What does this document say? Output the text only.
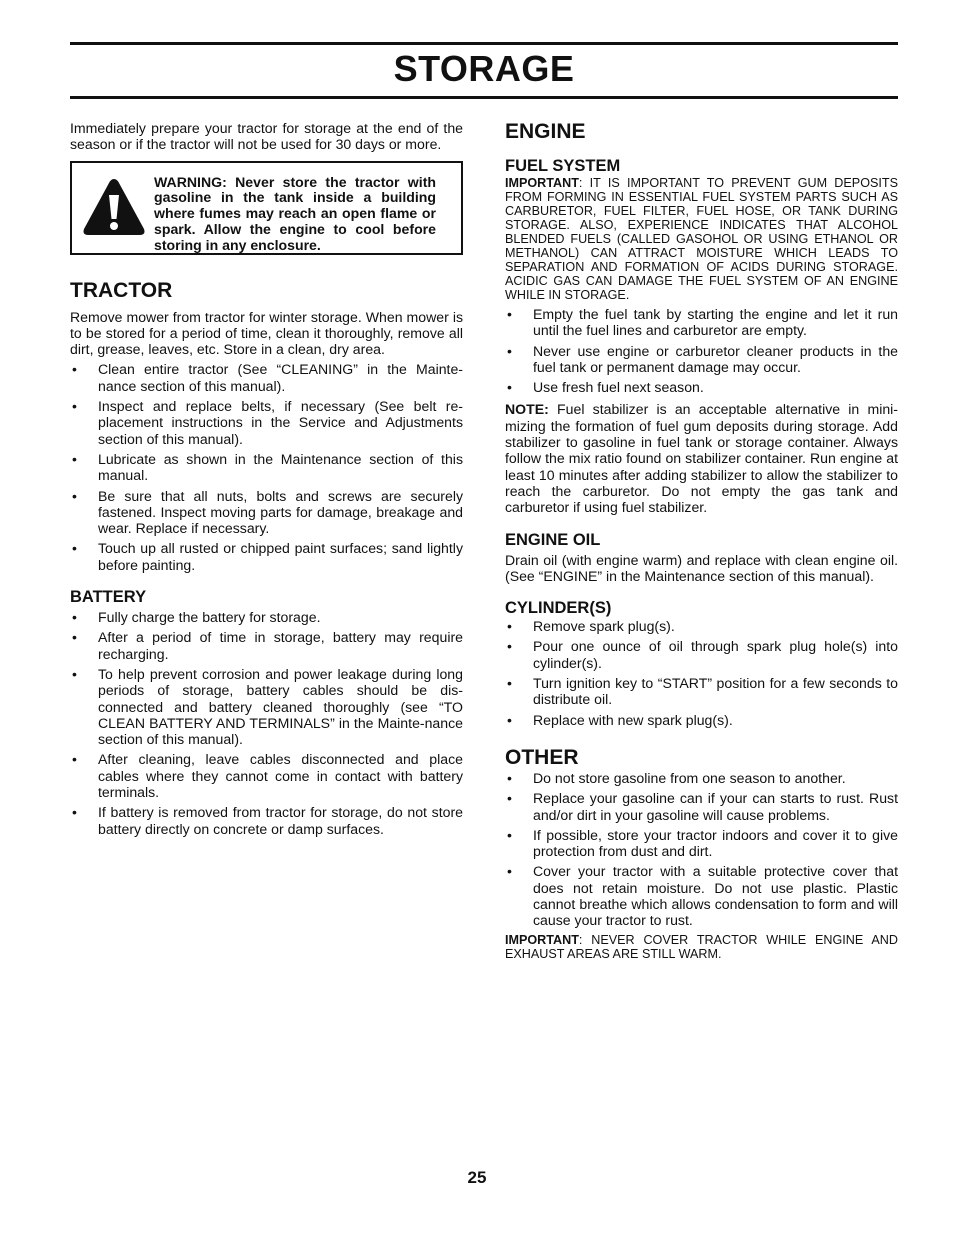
STORAGE

Immediately prepare your tractor for storage at the end of the season or if the tractor will not be used for 30 days or more.

WARNING: Never store the tractor with gasoline in the tank inside a building where fumes may reach an open flame or spark. Allow the engine to cool before storing in any enclosure.
TRACTOR

Remove mower from tractor for winter storage. When mower is to be stored for a period of time, clean it thoroughly, remove all dirt, grease, leaves, etc. Store in a clean, dry area.

• Clean entire tractor (See “CLEANING” in the Mainte-nance section of this manual).
• Inspect and replace belts, if necessary (See belt re-placement instructions in the Service and Adjustments section of this manual).
• Lubricate as shown in the Maintenance section of this manual.
• Be sure that all nuts, bolts and screws are securely fastened. Inspect moving parts for damage, breakage and wear. Replace if necessary.
• Touch up all rusted or chipped paint surfaces; sand lightly before painting.
BATTERY
• Fully charge the battery for storage.
• After a period of time in storage, battery may require recharging.
• To help prevent corrosion and power leakage during long periods of storage, battery cables should be dis-connected and battery cleaned thoroughly (see “TO CLEAN BATTERY AND TERMINALS” in the Mainte-nance section of this manual).
• After cleaning, leave cables disconnected and place cables where they cannot come in contact with battery terminals.
• If battery is removed from tractor for storage, do not store battery directly on concrete or damp surfaces.
ENGINE
FUEL SYSTEM

IMPORTANT: IT IS IMPORTANT TO PREVENT GUM DEPOSITS FROM FORMING IN ESSENTIAL FUEL SYSTEM PARTS SUCH AS CARBURETOR, FUEL FILTER, FUEL HOSE, OR TANK DURING STORAGE. ALSO, EXPERIENCE INDICATES THAT ALCOHOL BLENDED FUELS (CALLED GASOHOL OR USING ETHANOL OR METHANOL) CAN ATTRACT MOISTURE WHICH LEADS TO SEPARATION AND FORMATION OF ACIDS DURING STORAGE. ACIDIC GAS CAN DAMAGE THE FUEL SYSTEM OF AN ENGINE WHILE IN STORAGE.

• Empty the fuel tank by starting the engine and let it run until the fuel lines and carburetor are empty.
• Never use engine or carburetor cleaner products in the fuel tank or permanent damage may occur.
• Use fresh fuel next season.

NOTE: Fuel stabilizer is an acceptable alternative in mini-mizing the formation of fuel gum deposits during storage. Add stabilizer to gasoline in fuel tank or storage container. Always follow the mix ratio found on stabilizer container. Run engine at least 10 minutes after adding stabilizer to allow the stabilizer to reach the carburetor. Do not empty the gas tank and carburetor if using fuel stabilizer.

ENGINE OIL

Drain oil (with engine warm) and replace with clean engine oil. (See “ENGINE” in the Maintenance section of this manual).

CYLINDER(S)
• Remove spark plug(s).
• Pour one ounce of oil through spark plug hole(s) into cylinder(s).
• Turn ignition key to “START” position for a few seconds to distribute oil.
• Replace with new spark plug(s).
OTHER
• Do not store gasoline from one season to another.
• Replace your gasoline can if your can starts to rust. Rust and/or dirt in your gasoline will cause problems.
• If possible, store your tractor indoors and cover it to give protection from dust and dirt.
• Cover your tractor with a suitable protective cover that does not retain moisture. Do not use plastic. Plastic cannot breathe which allows condensation to form and will cause your tractor to rust.

IMPORTANT: NEVER COVER TRACTOR WHILE ENGINE AND EXHAUST AREAS ARE STILL WARM.

25
